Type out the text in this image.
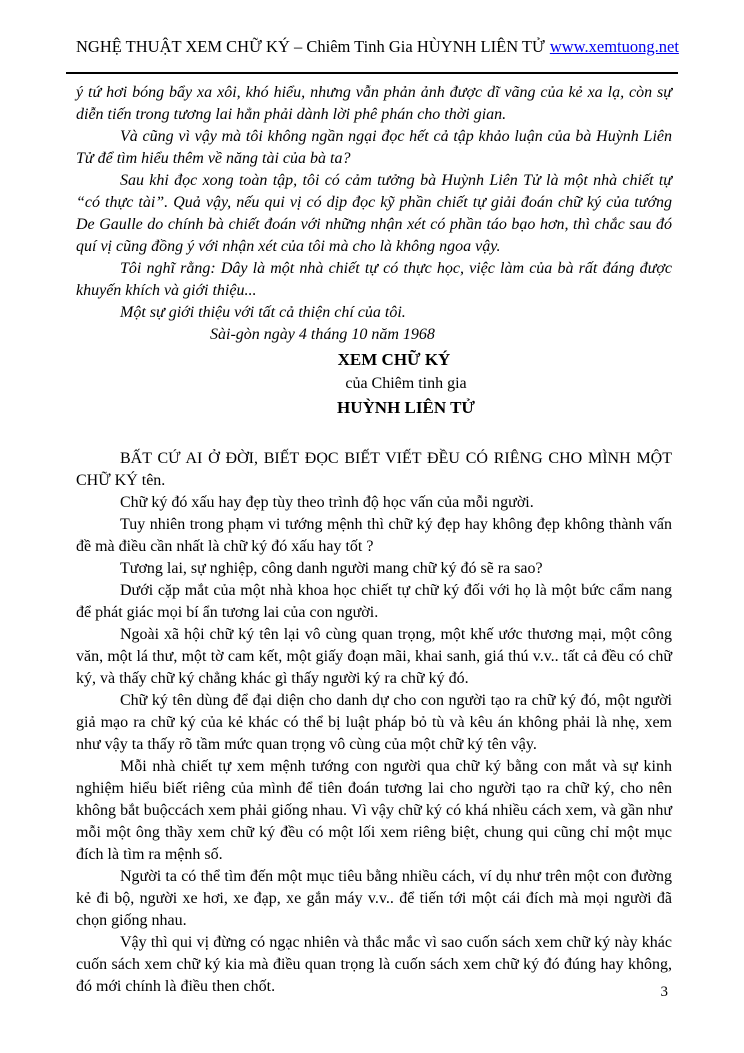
NGHỆ THUẬT XEM CHỮ KÝ – Chiêm Tinh Gia HÙYNH LIÊN TỬ www.xemtuong.net

ý tứ hơi bóng bẩy xa xôi, khó hiểu, nhưng vẫn phản ảnh được dĩ vãng của kẻ xa lạ, còn sự diễn tiến trong tương lai hẳn phải dành lời phê phán cho thời gian.

Và cũng vì vậy mà tôi không ngần ngại đọc hết cả tập khảo luận của bà Huỳnh Liên Tử để tìm hiểu thêm về năng tài của bà ta?

Sau khi đọc xong toàn tập, tôi có cảm tưởng bà Huỳnh Liên Tử là một nhà chiết tự “có thực tài”. Quả vậy, nếu qui vị có dịp đọc kỹ phần chiết tự giải đoán chữ ký của tướng De Gaulle do chính bà chiết đoán với những nhận xét có phần táo bạo hơn, thì chắc sau đó quí vị cũng đồng ý với nhận xét của tôi mà cho là không ngoa vậy.

Tôi nghĩ rằng: Dây là một nhà chiết tự có thực học, việc làm của bà rất đáng được khuyến khích và giới thiệu...

Một sự giới thiệu với tất cả thiện chí của tôi.

Sài-gòn ngày 4 tháng 10 năm 1968
XEM CHỮ KÝ
của Chiêm tinh gia
HUỲNH LIÊN TỬ

BẤT CỨ AI Ở ĐỜI, BIẾT ĐỌC BIẾT VIẾT ĐỀU CÓ RIÊNG CHO MÌNH MỘT CHỮ KÝ tên.

Chữ ký đó xấu hay đẹp tùy theo trình độ học vấn của mỗi người.

Tuy nhiên trong phạm vi tướng mệnh thì chữ ký đẹp hay không đẹp không thành vấn đề mà điều cần nhất là chữ ký đó xấu hay tốt ?

Tương lai, sự nghiệp, công danh người mang chữ ký đó sẽ ra sao?

Dưới cặp mắt của một nhà khoa học chiết tự chữ ký đối với họ là một bức cẩm nang để phát giác mọi bí ẩn tương lai của con người.

Ngoài xã hội chữ ký tên lại vô cùng quan trọng, một khế ước thương mại, một công văn, một lá thư, một tờ cam kết, một giấy đoạn mãi, khai sanh, giá thú v.v.. tất cả đều có chữ ký, và thấy chữ ký chẳng khác gì thấy người ký ra chữ ký đó.

Chữ ký tên dùng để đại diện cho danh dự cho con người tạo ra chữ ký đó, một người giả mạo ra chữ ký của kẻ khác có thể bị luật pháp bỏ tù và kêu án không phải là nhẹ, xem như vậy ta thấy rõ tầm mức quan trọng vô cùng của một chữ ký tên vậy.

Mỗi nhà chiết tự xem mệnh tướng con người qua chữ ký bằng con mắt và sự kinh nghiệm hiểu biết riêng của mình để tiên đoán tương lai cho người tạo ra chữ ký, cho nên không bắt buộccách xem phải giống nhau. Vì vậy chữ ký có khá nhiều cách xem, và gần như mỗi một ông thầy xem chữ ký đều có một lối xem riêng biệt, chung qui cũng chỉ một mục đích là tìm ra mệnh số.

Người ta có thể tìm đến một mục tiêu bằng nhiều cách, ví dụ như trên một con đường kẻ đi bộ, người xe hơi, xe đạp, xe gắn máy v.v.. để tiến tới một cái đích mà mọi người đã chọn giống nhau.

Vậy thì qui vị đừng có ngạc nhiên và thắc mắc vì sao cuốn sách xem chữ ký này khác cuốn sách xem chữ ký kia mà điều quan trọng là cuốn sách xem chữ ký đó đúng hay không, đó mới chính là điều then chốt.	3
